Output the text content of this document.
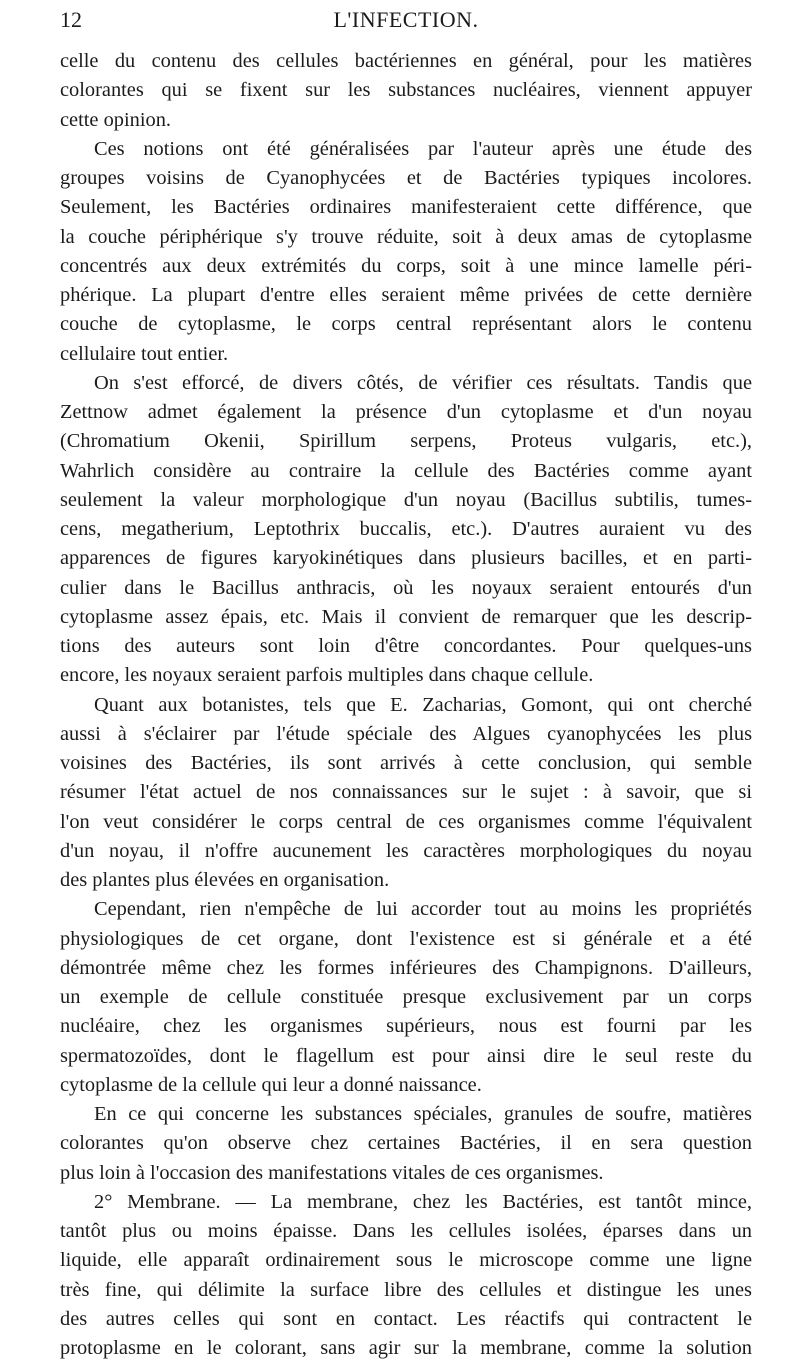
12	L'INFECTION.
celle du contenu des cellules bactériennes en général, pour les matières
colorantes qui se fixent sur les substances nucléaires, viennent appuyer
cette opinion.
Ces notions ont été généralisées par l'auteur après une étude des
groupes voisins de Cyanophycées et de Bactéries typiques incolores.
Seulement, les Bactéries ordinaires manifesteraient cette différence, que
la couche périphérique s'y trouve réduite, soit à deux amas de cytoplasme
concentrés aux deux extrémités du corps, soit à une mince lamelle péri-
phérique. La plupart d'entre elles seraient même privées de cette dernière
couche de cytoplasme, le corps central représentant alors le contenu
cellulaire tout entier.
On s'est efforcé, de divers côtés, de vérifier ces résultats. Tandis que
Zettnow admet également la présence d'un cytoplasme et d'un noyau
(Chromatium Okenii, Spirillum serpens, Proteus vulgaris, etc.),
Wahrlich considère au contraire la cellule des Bactéries comme ayant
seulement la valeur morphologique d'un noyau (Bacillus subtilis, tumes-
cens, megatherium, Leptothrix buccalis, etc.). D'autres auraient vu des
apparences de figures karyokinétiques dans plusieurs bacilles, et en parti-
culier dans le Bacillus anthracis, où les noyaux seraient entourés d'un
cytoplasme assez épais, etc. Mais il convient de remarquer que les descrip-
tions des auteurs sont loin d'être concordantes. Pour quelques-uns
encore, les noyaux seraient parfois multiples dans chaque cellule.
Quant aux botanistes, tels que E. Zacharias, Gomont, qui ont cherché
aussi à s'éclairer par l'étude spéciale des Algues cyanophycées les plus
voisines des Bactéries, ils sont arrivés à cette conclusion, qui semble
résumer l'état actuel de nos connaissances sur le sujet : à savoir, que si
l'on veut considérer le corps central de ces organismes comme l'équivalent
d'un noyau, il n'offre aucunement les caractères morphologiques du noyau
des plantes plus élevées en organisation.
Cependant, rien n'empêche de lui accorder tout au moins les propriétés
physiologiques de cet organe, dont l'existence est si générale et a été
démontrée même chez les formes inférieures des Champignons. D'ailleurs,
un exemple de cellule constituée presque exclusivement par un corps
nucléaire, chez les organismes supérieurs, nous est fourni par les
spermatozoïdes, dont le flagellum est pour ainsi dire le seul reste du
cytoplasme de la cellule qui leur a donné naissance.
En ce qui concerne les substances spéciales, granules de soufre, matières
colorantes qu'on observe chez certaines Bactéries, il en sera question
plus loin à l'occasion des manifestations vitales de ces organismes.
2° Membrane. — La membrane, chez les Bactéries, est tantôt mince,
tantôt plus ou moins épaisse. Dans les cellules isolées, éparses dans un
liquide, elle apparaît ordinairement sous le microscope comme une ligne
très fine, qui délimite la surface libre des cellules et distingue les unes
des autres celles qui sont en contact. Les réactifs qui contractent le
protoplasme en le colorant, sans agir sur la membrane, comme la solution
